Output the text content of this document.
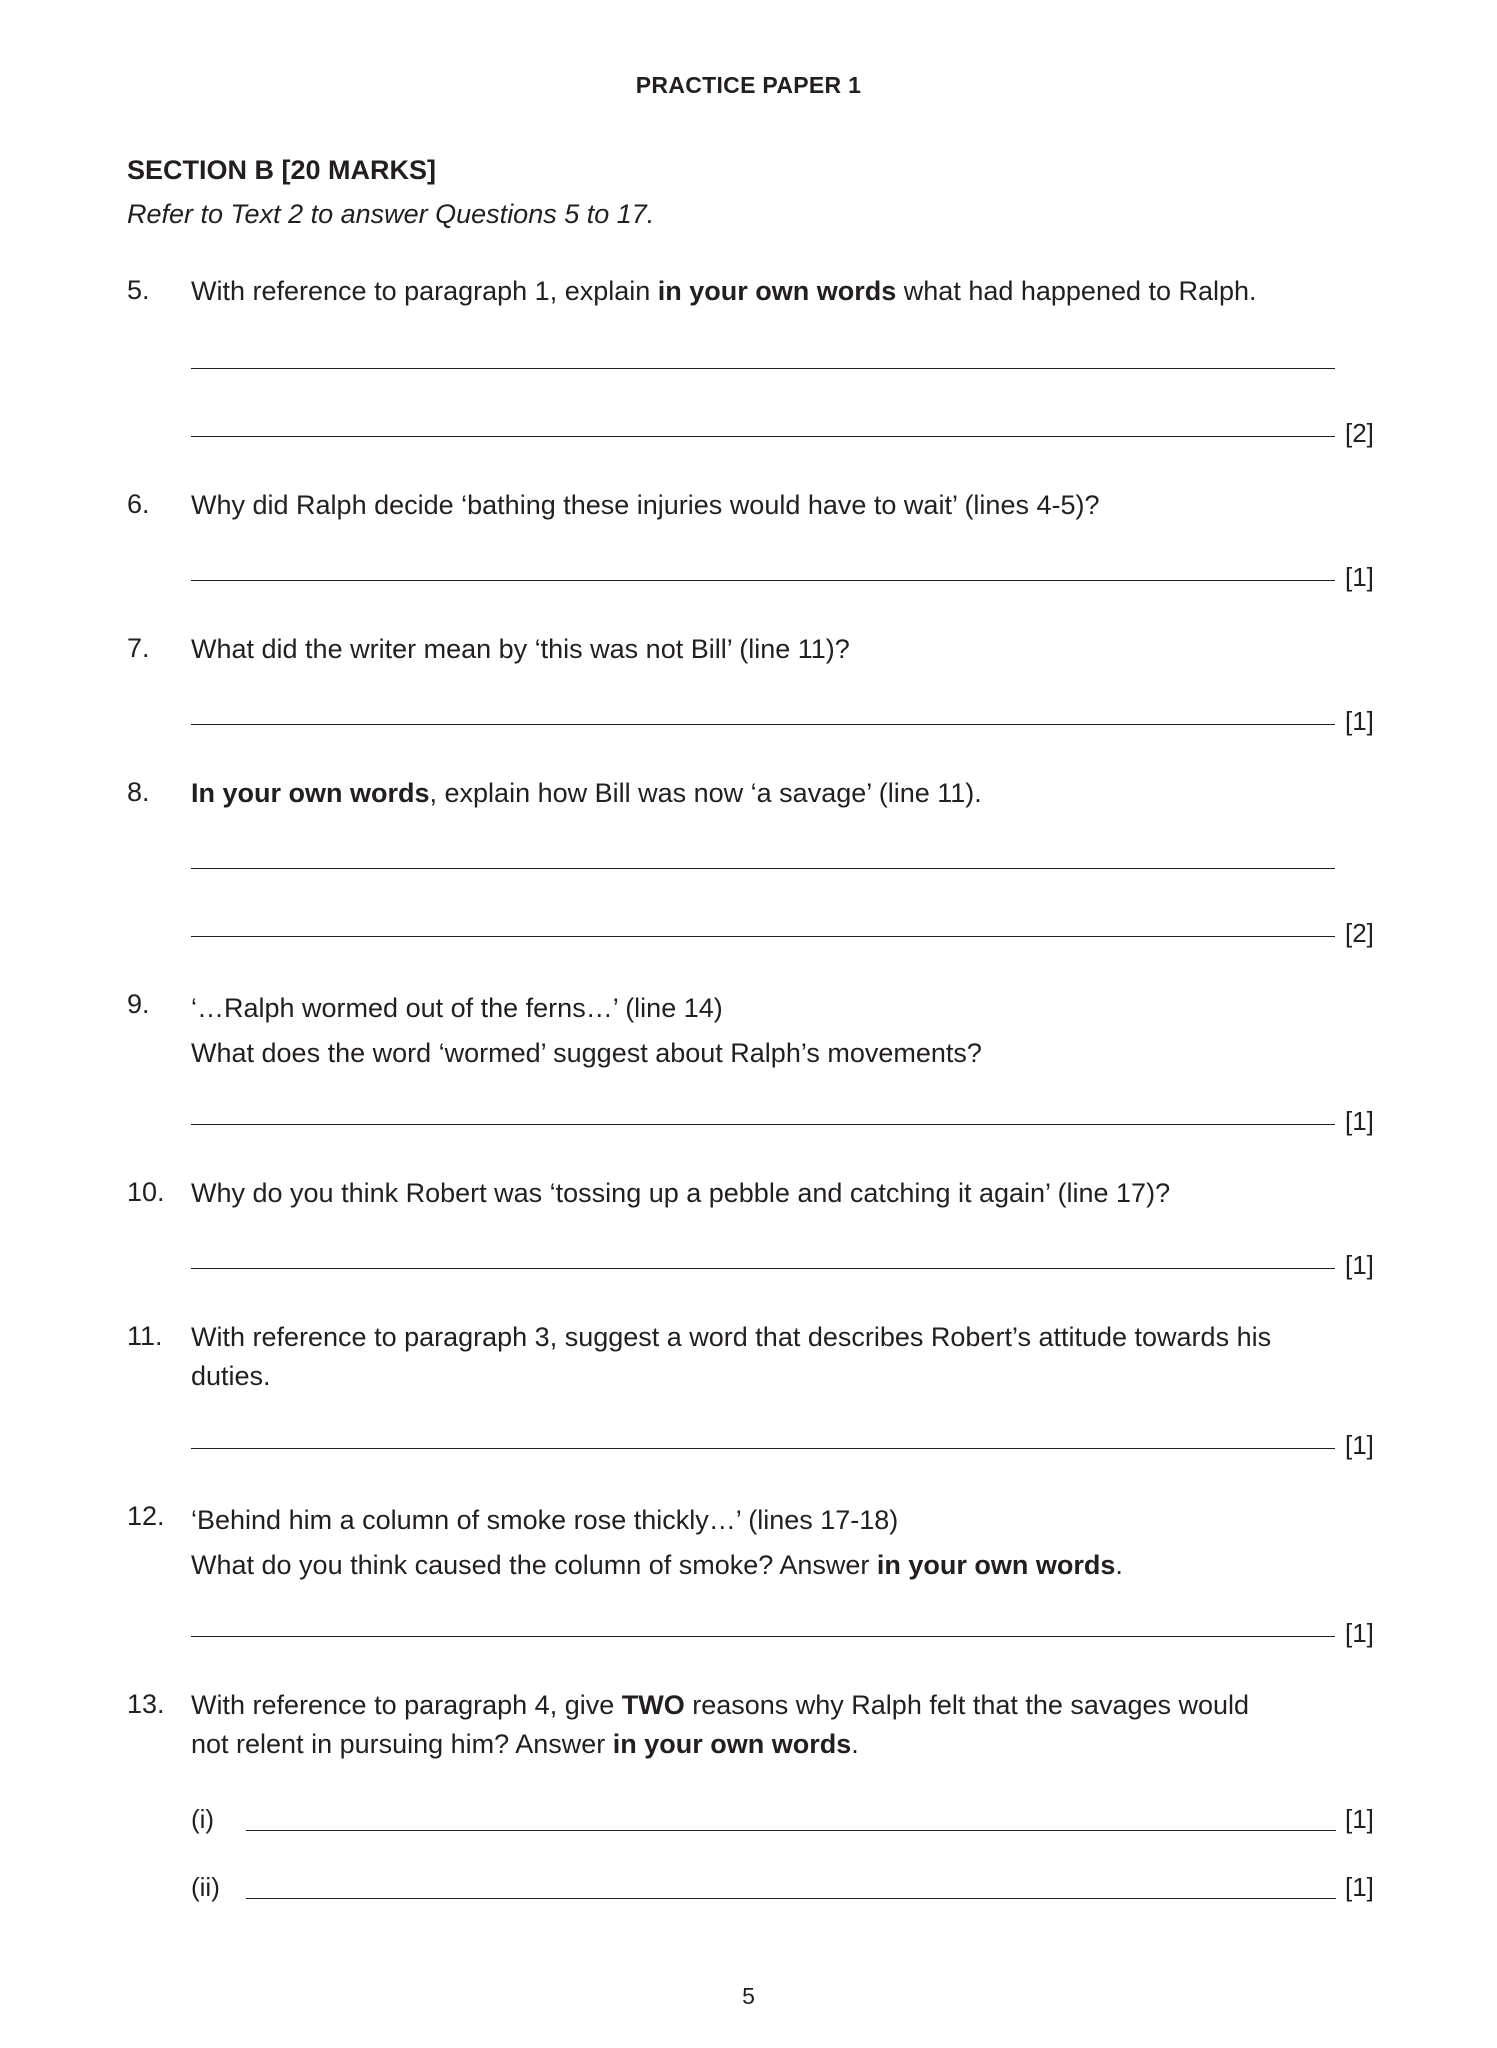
PRACTICE PAPER 1
SECTION B [20 MARKS]
Refer to Text 2 to answer Questions 5 to 17.
5. With reference to paragraph 1, explain in your own words what had happened to Ralph.
[2]
6. Why did Ralph decide ‘bathing these injuries would have to wait’ (lines 4-5)?
[1]
7. What did the writer mean by ‘this was not Bill’ (line 11)?
[1]
8. In your own words, explain how Bill was now ‘a savage’ (line 11).
[2]
9. ‘…Ralph wormed out of the ferns…’ (line 14)
What does the word ‘wormed’ suggest about Ralph’s movements?
[1]
10. Why do you think Robert was ‘tossing up a pebble and catching it again’ (line 17)?
[1]
11. With reference to paragraph 3, suggest a word that describes Robert’s attitude towards his
duties.
[1]
12. ‘Behind him a column of smoke rose thickly…’ (lines 17-18)
What do you think caused the column of smoke? Answer in your own words.
[1]
13. With reference to paragraph 4, give TWO reasons why Ralph felt that the savages would
not relent in pursuing him? Answer in your own words.
(i)	[1]
(ii)	[1]
5
